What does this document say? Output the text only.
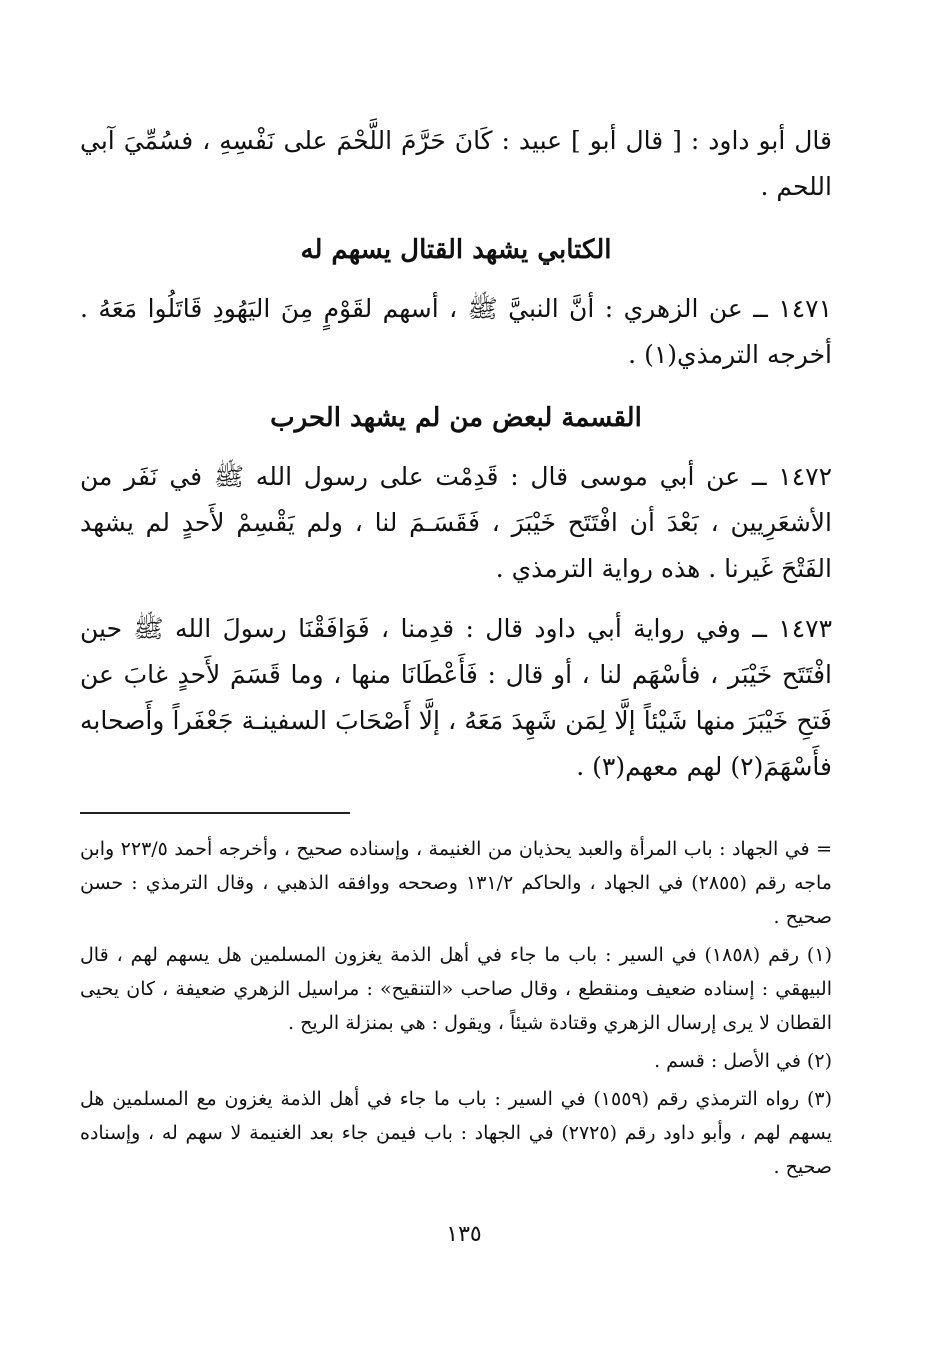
قال أبو داود : [ قال أبو ] عبيد : كَانَ حَرَّمَ اللَّحْمَ على نَفْسِهِ ، فسُمِّيَ آبي اللحم .

الكتابي يشهد القتال يسهم له

١٤٧١ ــ عن الزهري : أنَّ النبيَّ ﷺ ، أسهم لقَوْمٍ مِنَ اليَهُودِ قَاتَلُوا مَعَهُ . أخرجه الترمذي(١) .

القسمة لبعض من لم يشهد الحرب

١٤٧٢ ــ عن أبي موسى قال : قَدِمْت على رسول الله ﷺ في نَفَر من الأشعَرِيين ، بَعْدَ أن افْتَتَح خَيْبَرَ ، فَقَسَـمَ لنا ، ولم يَقْسِمْ لأَحدٍ لم يشهد الفَتْحَ غَيرنا . هذه رواية الترمذي .

١٤٧٣ ــ وفي رواية أبي داود قال : قدِمنا ، فَوَافَقْنَا رسولَ الله ﷺ حين افْتَتَح خَيْبَر ، فأسْهَم لنا ، أو قال : فَأَعْطَانَا منها ، وما قَسَمَ لأَحدٍ غابَ عن فَتحِ خَيْبَرَ منها شَيْئاً إلَّا لِمَن شَهِدَ مَعَهُ ، إلَّا أَصْحَابَ السفينـة جَعْفَراً وأَصحابه فأَسْهَمَ(٢) لهم معهم(٣) .

= في الجهاد : باب المرأة والعبد يحذيان من الغنيمة ، وإسناده صحيح ، وأخرجه أحمد ٢٢٣/٥ وابن ماجه رقم (٢٨٥٥) في الجهاد ، والحاكم ١٣١/٢ وصححه ووافقه الذهبي ، وقال الترمذي : حسن صحيح .

(١) رقم (١٨٥٨) في السير : باب ما جاء في أهل الذمة يغزون المسلمين هل يسهم لهم ، قال البيهقي : إسناده ضعيف ومنقطع ، وقال صاحب «التنقيح» : مراسيل الزهري ضعيفة ، كان يحيى القطان لا يرى إرسال الزهري وقتادة شيئاً ، ويقول : هي بمنزلة الريح .

(٢) في الأصل : قسم .

(٣) رواه الترمذي رقم (١٥٥٩) في السير : باب ما جاء في أهل الذمة يغزون مع المسلمين هل يسهم لهم ، وأبو داود رقم (٢٧٢٥) في الجهاد : باب فيمن جاء بعد الغنيمة لا سهم له ، وإسناده صحيح .

١٣٥
